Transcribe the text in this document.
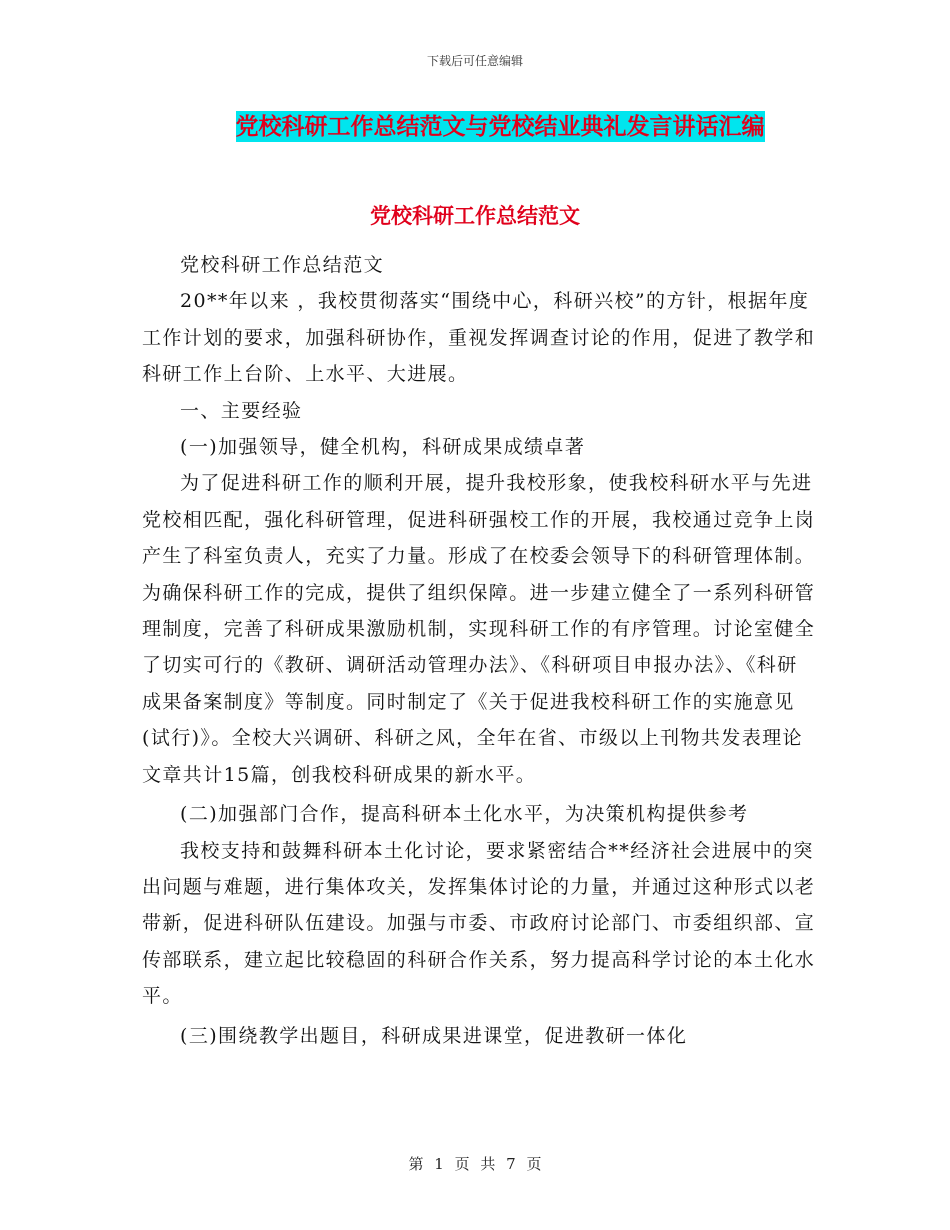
下载后可任意编辑
党校科研工作总结范文与党校结业典礼发言讲话汇编
党校科研工作总结范文

党校科研工作总结范文

20**年以来 ，我校贯彻落实“围绕中心，科研兴校”的方针，根据年度工作计划的要求，加强科研协作，重视发挥调查讨论的作用，促进了教学和科研工作上台阶、上水平、大进展。

一、主要经验

(一)加强领导，健全机构，科研成果成绩卓著

为了促进科研工作的顺利开展，提升我校形象，使我校科研水平与先进党校相匹配，强化科研管理，促进科研强校工作的开展，我校通过竞争上岗产生了科室负责人，充实了力量。形成了在校委会领导下的科研管理体制。为确保科研工作的完成，提供了组织保障。进一步建立健全了一系列科研管理制度，完善了科研成果激励机制，实现科研工作的有序管理。讨论室健全了切实可行的《教研、调研活动管理办法》、《科研项目申报办法》、《科研成果备案制度》等制度。同时制定了《关于促进我校科研工作的实施意见(试行)》。全校大兴调研、科研之风，全年在省、市级以上刊物共发表理论文章共计15篇，创我校科研成果的新水平。

(二)加强部门合作，提高科研本土化水平，为决策机构提供参考

我校支持和鼓舞科研本土化讨论，要求紧密结合**经济社会进展中的突出问题与难题，进行集体攻关，发挥集体讨论的力量，并通过这种形式以老带新，促进科研队伍建设。加强与市委、市政府讨论部门、市委组织部、宣传部联系，建立起比较稳固的科研合作关系，努力提高科学讨论的本土化水平。

(三)围绕教学出题目，科研成果进课堂，促进教研一体化

第 1 页 共 7 页
